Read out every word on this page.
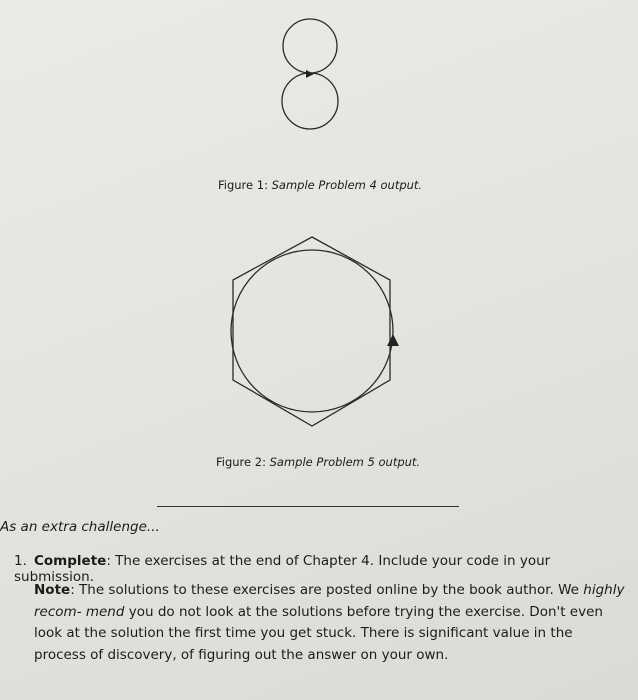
Figure 1: Sample Problem 4 output.
Figure 2: Sample Problem 5 output.
As an extra challenge...
1. Complete: The exercises at the end of Chapter 4. Include your code in your submission.
Note: The solutions to these exercises are posted online by the book author. We highly recom- mend you do not look at the solutions before trying the exercise. Don't even look at the solution the first time you get stuck. There is significant value in the process of discovery, of figuring out the answer on your own.
